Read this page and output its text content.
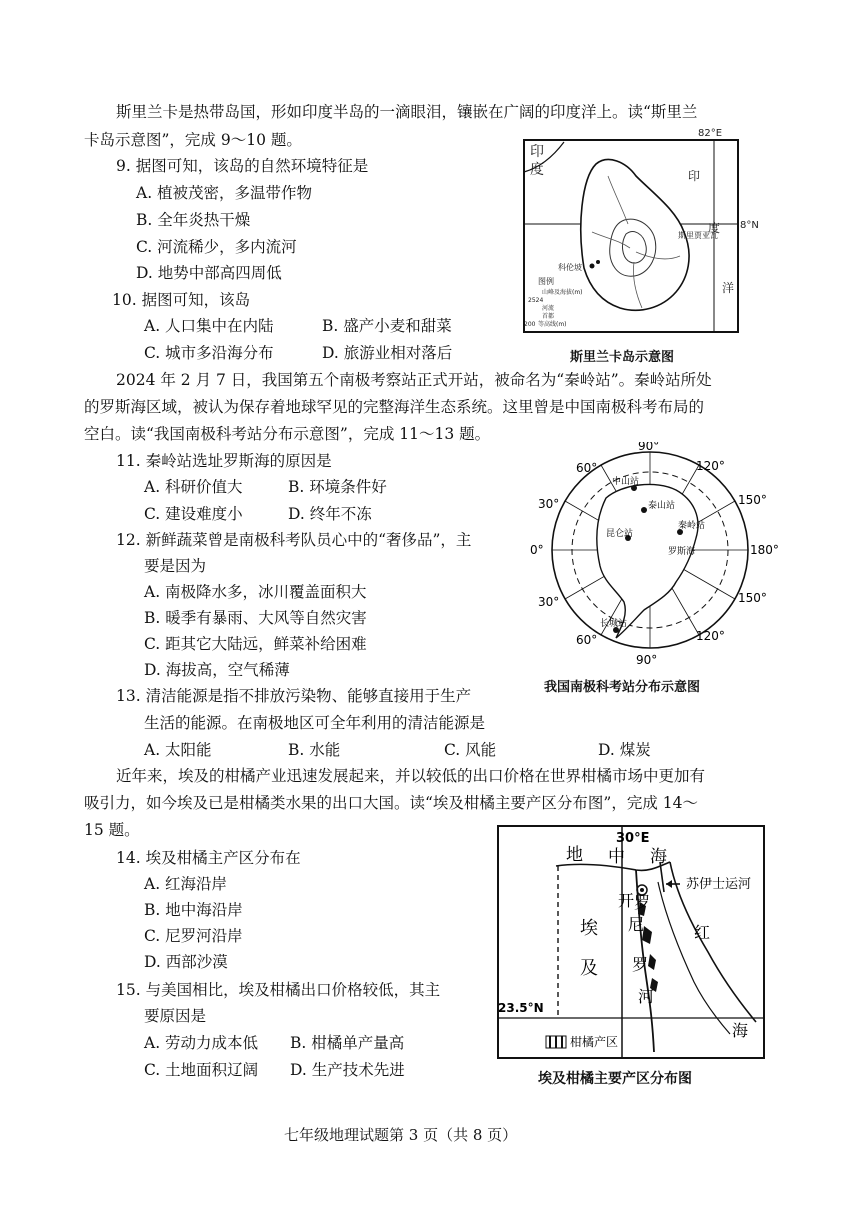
斯里兰卡是热带岛国，形如印度半岛的一滴眼泪，镶嵌在广阔的印度洋上。读“斯里兰
卡岛示意图”，完成 9～10 题。
9. 据图可知，该岛的自然环境特征是
A. 植被茂密，多温带作物
B. 全年炎热干燥
C. 河流稀少，多内流河
D. 地势中部高四周低
10. 据图可知，该岛
A. 人口集中在内陆	B. 盛产小麦和甜菜
C. 城市多沿海分布	D. 旅游业相对落后
印
度	印
度
洋
82°E
8°N
斯里贾亚瓦
科伦坡
图例
山峰及海拔(m)
2524
河流
首都
等高线(m)
200
斯里兰卡岛示意图
2024 年 2 月 7 日，我国第五个南极考察站正式开站，被命名为“秦岭站”。秦岭站所处
的罗斯海区域，被认为保存着地球罕见的完整海洋生态系统。这里曾是中国南极科考布局的
空白。读“我国南极科考站分布示意图”，完成 11～13 题。
11. 秦岭站选址罗斯海的原因是
A. 科研价值大	B. 环境条件好
C. 建设难度小	D. 终年不冻
12. 新鲜蔬菜曾是南极科考队员心中的“奢侈品”，主
要是因为
A. 南极降水多，冰川覆盖面积大
B. 暖季有暴雨、大风等自然灾害
C. 距其它大陆远，鲜菜补给困难
D. 海拔高，空气稀薄
90°
60°	120°
30°	150°
0°	180°
30°	150°
60°	120°
90°
中山站
泰山站
昆仑站
秦岭站
罗斯海
长城站
我国南极科考站分布示意图
13. 清洁能源是指不排放污染物、能够直接用于生产
生活的能源。在南极地区可全年利用的清洁能源是
A. 太阳能	B. 水能	C. 风能	D. 煤炭
近年来，埃及的柑橘产业迅速发展起来，并以较低的出口价格在世界柑橘市场中更加有
吸引力，如今埃及已是柑橘类水果的出口大国。读“埃及柑橘主要产区分布图”，完成 14～
15 题。
14. 埃及柑橘主产区分布在
A. 红海沿岸
B. 地中海沿岸
C. 尼罗河沿岸
D. 西部沙漠
15. 与美国相比，埃及柑橘出口价格较低，其主
要原因是
A. 劳动力成本低 B. 柑橘单产量高
C. 土地面积辽阔 D. 生产技术先进
30°E
23.5°N
地 中 海
苏伊士运河
开 罗
埃
及
尼
罗
河
红
海
柑橘产区
埃及柑橘主要产区分布图
七年级地理试题第 3 页（共 8 页）
